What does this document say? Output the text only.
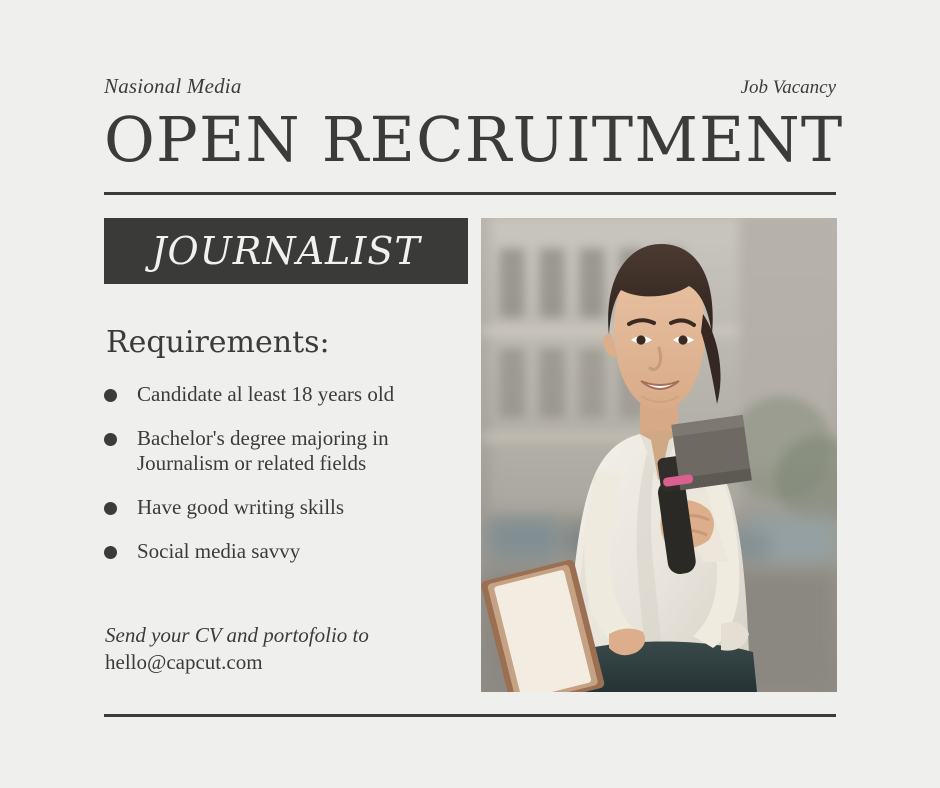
Nasional Media	Job Vacancy
OPEN RECRUITMENT
JOURNALIST
Requirements:
Candidate al least 18 years old
Bachelor's degree majoring in Journalism or related fields
Have good writing skills
Social media savvy
Send your CV and portofolio to
hello@capcut.com
